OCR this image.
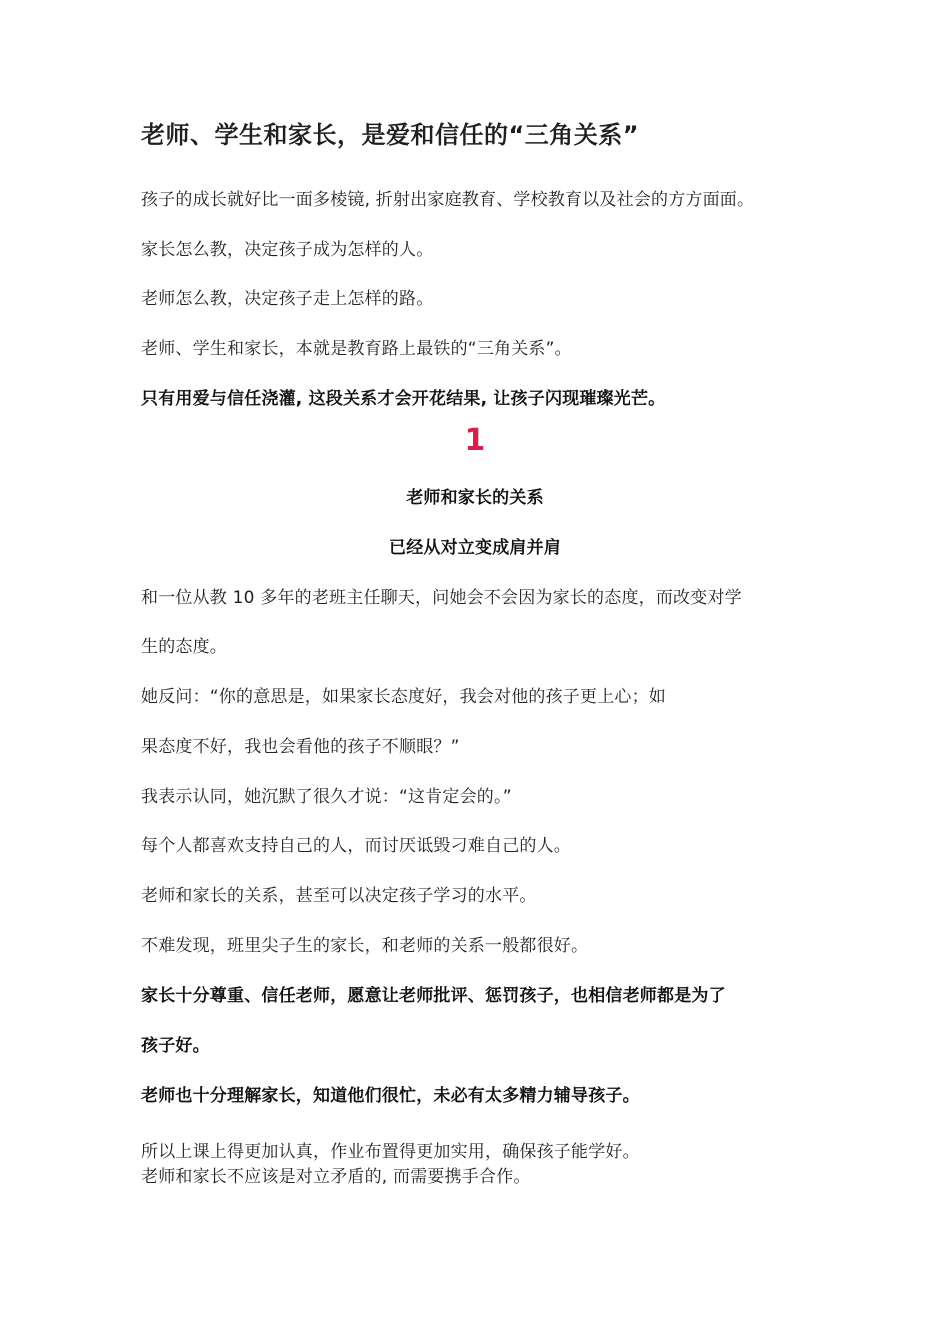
老师、学生和家长，是爱和信任的“三角关系”

孩子的成长就好比一面多棱镜, 折射出家庭教育、学校教育以及社会的方方面面。

家长怎么教，决定孩子成为怎样的人。

老师怎么教，决定孩子走上怎样的路。

老师、学生和家长，本就是教育路上最铁的“三角关系”。

只有用爱与信任浇灌, 这段关系才会开花结果, 让孩子闪现璀璨光芒。

1
老师和家长的关系
已经从对立变成肩并肩

和一位从教 10 多年的老班主任聊天，问她会不会因为家长的态度，而改变对学

生的态度。

她反问：“你的意思是，如果家长态度好，我会对他的孩子更上心；如

果态度不好，我也会看他的孩子不顺眼？”

我表示认同，她沉默了很久才说：“这肯定会的。”

每个人都喜欢支持自己的人，而讨厌诋毁刁难自己的人。

老师和家长的关系，甚至可以决定孩子学习的水平。

不难发现，班里尖子生的家长，和老师的关系一般都很好。

家长十分尊重、信任老师，愿意让老师批评、惩罚孩子，也相信老师都是为了

孩子好。

老师也十分理解家长，知道他们很忙，未必有太多精力辅导孩子。

所以上课上得更加认真，作业布置得更加实用，确保孩子能学好。

老师和家长不应该是对立矛盾的, 而需要携手合作。
